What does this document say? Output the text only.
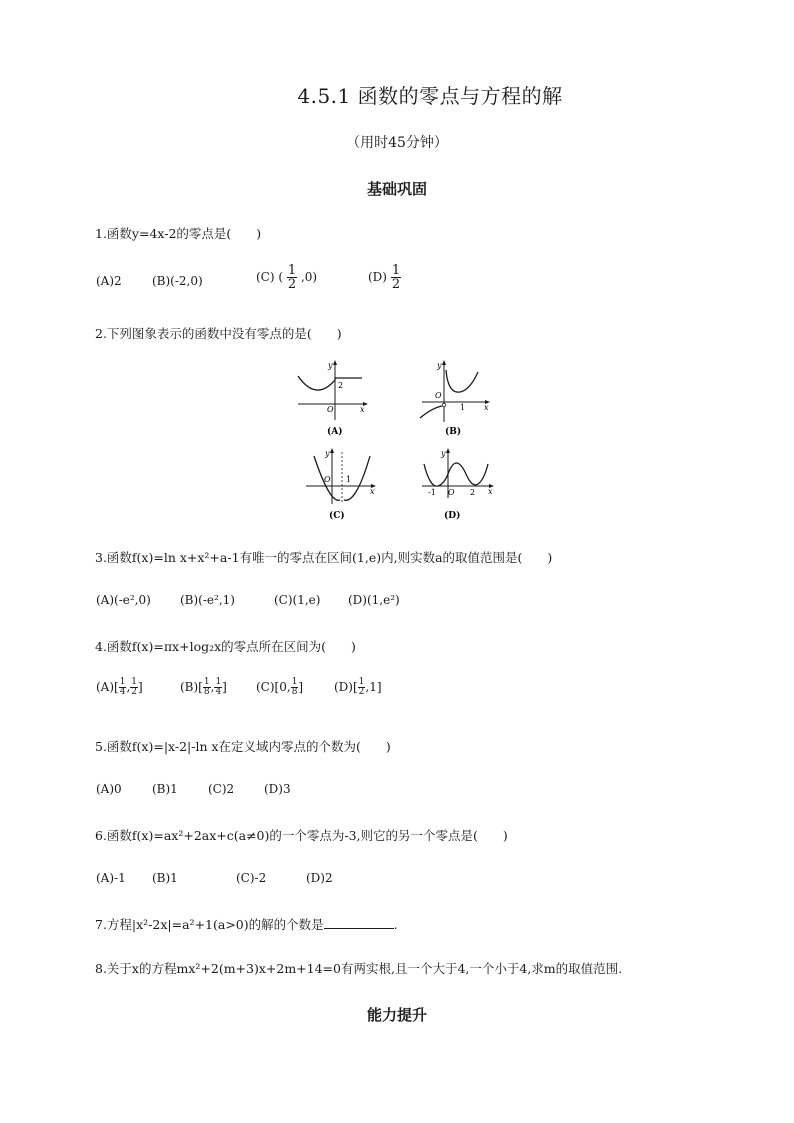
4.5.1 函数的零点与方程的解
（用时45分钟）
基础巩固
1.函数y=4x-2的零点是(　　)
(A)2	(B)(-2,0)	(C) ( $\frac{1}{2} ,0$)	$(D) \frac{1}{2}$
2.下列图象表示的函数中没有零点的是(　　)
y
x
O
2
(A)
y
x
O
1
(B)
y
x
O 1
(C)
y
x
O
-1	2
(D)
3.函数f(x)=ln x+x²+a-1有唯一的零点在区间(1,e)内,则实数a的取值范围是(　　)
(A)(-e²,0) (B)(-e²,1)	(C)(1,e) (D)(1,e²)
4.函数f(x)=πx+log₂x的零点所在区间为(　　)
$(A)[ \frac{1}{4}$ , $\frac{1}{2}$ ]	$(B)[ \frac{1}{8}$ , $\frac{1}{4}$ ] (C)[0, $\frac{1}{8}$ ]	$(D)[ \frac{1}{2} ,1]$
5.函数f(x)=|x-2|-ln x在定义域内零点的个数为(　　)
(A)0	(B)1	(C)2 (D)3
6.函数f(x)=ax²+2ax+c(a≠0)的一个零点为-3,则它的另一个零点是(　　)
(A)-1 (B)1	(C)-2	(D)2
7.方程|x²-2x|=a²+1(a>0)的解的个数是	.
8.关于x的方程mx²+2(m+3)x+2m+14=0有两实根,且一个大于4,一个小于4,求m的取值范围.
能力提升
